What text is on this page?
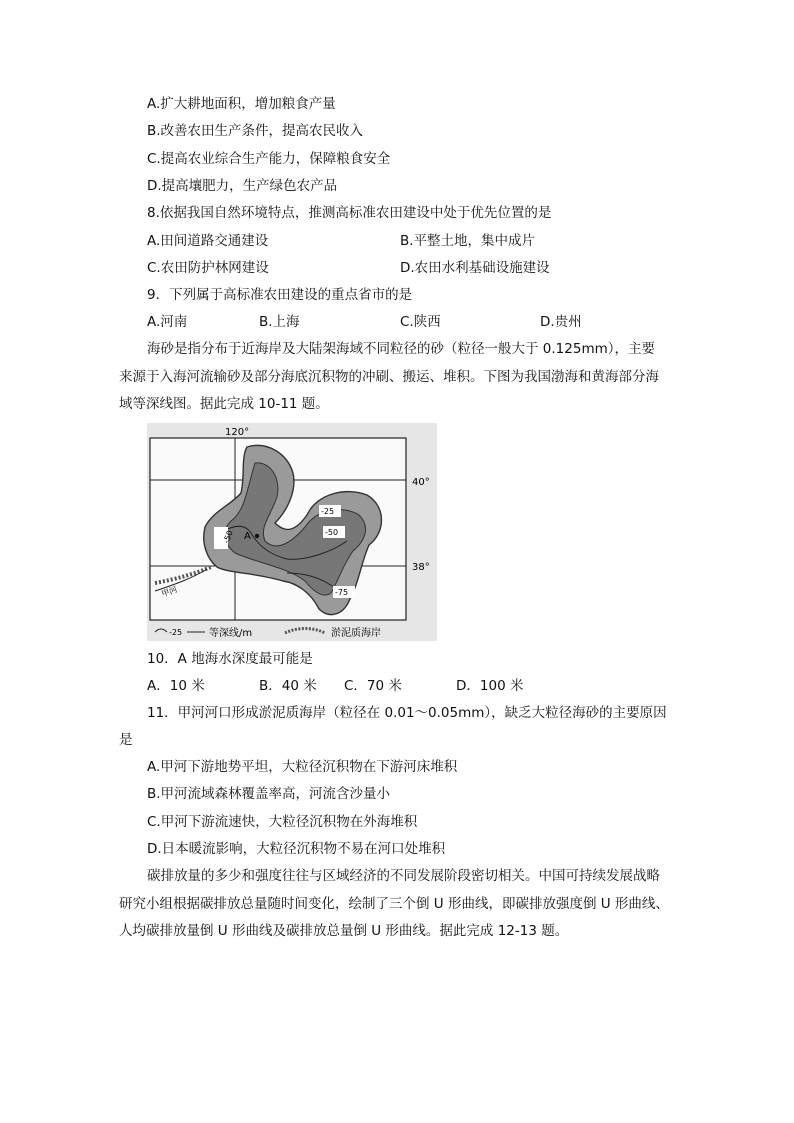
A.扩大耕地面积，增加粮食产量
B.改善农田生产条件，提高农民收入
C.提高农业综合生产能力，保障粮食安全
D.提高壤肥力，生产绿色农产品
8.依据我国自然环境特点，推测高标准农田建设中处于优先位置的是
A.田间道路交通建设	B.平整土地，集中成片
C.农田防护林网建设	D.农田水利基础设施建设
9．下列属于高标准农田建设的重点省市的是
A.河南	B.上海	C.陕西	D.贵州
海砂是指分布于近海岸及大陆架海域不同粒径的砂（粒径一般大于 0.125mm），主要
来源于入海河流输砂及部分海底沉积物的冲刷、搬运、堆积。下图为我国渤海和黄海部分海
域等深线图。据此完成 10-11 题。
-25
-50
-50
-75
A
甲河
120°
40°
38°
-25	等深线/m	淤泥质海岸
10．A 地海水深度最可能是
A．10 米	B．40 米 C．70 米	D．100 米
11．甲河河口形成淤泥质海岸（粒径在 0.01～0.05mm），缺乏大粒径海砂的主要原因
是
A.甲河下游地势平坦，大粒径沉积物在下游河床堆积
B.甲河流域森林覆盖率高，河流含沙量小
C.甲河下游流速快，大粒径沉积物在外海堆积
D.日本暖流影响，大粒径沉积物不易在河口处堆积
碳排放量的多少和强度往往与区域经济的不同发展阶段密切相关。中国可持续发展战略
研究小组根据碳排放总量随时间变化，绘制了三个倒 U 形曲线，即碳排放强度倒 U 形曲线、
人均碳排放量倒 U 形曲线及碳排放总量倒 U 形曲线。据此完成 12-13 题。
